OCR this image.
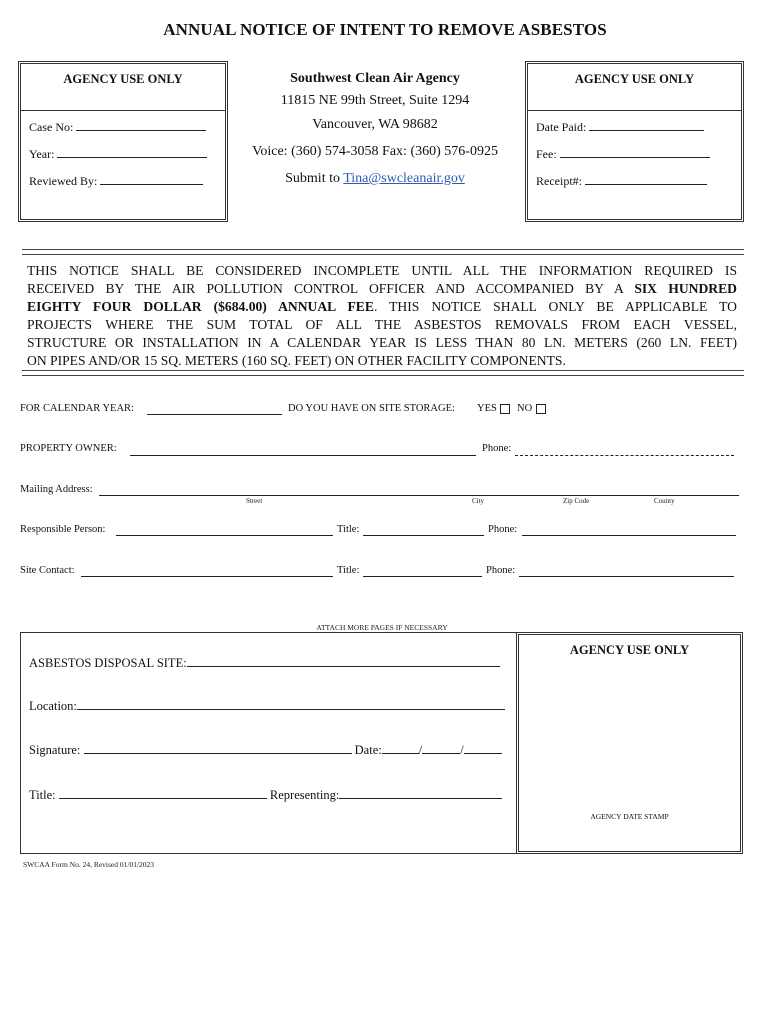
ANNUAL NOTICE OF INTENT TO REMOVE ASBESTOS
AGENCY USE ONLY
Case No:
Year:
Reviewed By:
Southwest Clean Air Agency
11815 NE 99th Street, Suite 1294
Vancouver, WA 98682
Voice: (360) 574-3058 Fax: (360) 576-0925
Submit to Tina@swcleanair.gov
AGENCY USE ONLY
Date Paid:
Fee:
Receipt#:
THIS NOTICE SHALL BE CONSIDERED INCOMPLETE UNTIL ALL THE INFORMATION REQUIRED IS
RECEIVED BY THE AIR POLLUTION CONTROL OFFICER AND ACCOMPANIED BY A SIX HUNDRED
EIGHTY FOUR DOLLAR ($684.00) ANNUAL FEE. THIS NOTICE SHALL ONLY BE APPLICABLE TO
PROJECTS WHERE THE SUM TOTAL OF ALL THE ASBESTOS REMOVALS FROM EACH VESSEL,
STRUCTURE OR INSTALLATION IN A CALENDAR YEAR IS LESS THAN 80 LN. METERS (260 LN. FEET)
ON PIPES AND/OR 15 SQ. METERS (160 SQ. FEET) ON OTHER FACILITY COMPONENTS.
FOR CALENDAR YEAR:	DO YOU HAVE ON SITE STORAGE: YES NO
PROPERTY OWNER:	Phone:
Mailing Address:
Street	City	Zip Code	County
Responsible Person:	Title:	Phone:
Site Contact:	Title:	Phone:
ATTACH MORE PAGES IF NECESSARY
ASBESTOS DISPOSAL SITE:
Location:
Signature:	Date:	/	/
Title:	Representing:
AGENCY USE ONLY
AGENCY DATE STAMP
SWCAA Form No. 24, Revised 01/01/2023
